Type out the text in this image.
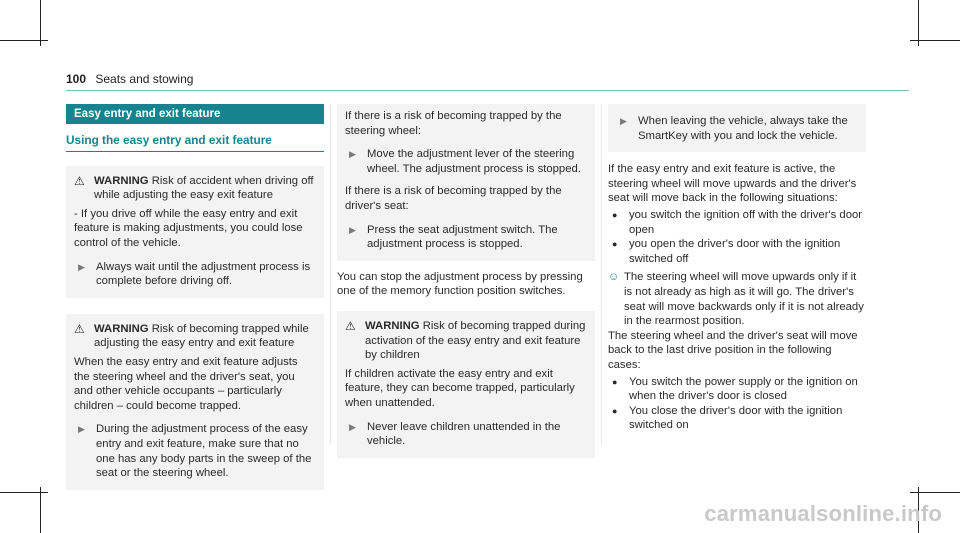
100 Seats and stowing
Easy entry and exit feature
Using the easy entry and exit feature
⚠ WARNING Risk of accident when driving off while adjusting the easy exit feature

- If you drive off while the easy entry and exit feature is making adjustments, you could lose control of the vehicle.

▶ Always wait until the adjustment process is complete before driving off.
⚠ WARNING Risk of becoming trapped while adjusting the easy entry and exit feature

When the easy entry and exit feature adjusts the steering wheel and the driver's seat, you and other vehicle occupants – particularly children – could become trapped.

▶ During the adjustment process of the easy entry and exit feature, make sure that no one has any body parts in the sweep of the seat or the steering wheel.

If there is a risk of becoming trapped by the steering wheel:

▶ Move the adjustment lever of the steering wheel. The adjustment process is stopped.

If there is a risk of becoming trapped by the driver's seat:

▶ Press the seat adjustment switch. The adjustment process is stopped.

You can stop the adjustment process by pressing one of the memory function position switches.

⚠ WARNING Risk of becoming trapped during activation of the easy entry and exit feature by children

If children activate the easy entry and exit feature, they can become trapped, particularly when unattended.

▶ Never leave children unattended in the vehicle.
▶ When leaving the vehicle, always take the SmartKey with you and lock the vehicle.

If the easy entry and exit feature is active, the steering wheel will move upwards and the driver's seat will move back in the following situations:

●	you switch the ignition off with the driver's door open
●	you open the driver's door with the ignition switched off
☺ The steering wheel will move upwards only if it is not already as high as it will go. The driver's seat will move backwards only if it is not already in the rearmost position.

The steering wheel and the driver's seat will move back to the last drive position in the following cases:

●	You switch the power supply or the ignition on when the driver's door is closed
●	You close the driver's door with the ignition switched on
carmanualsonline.info
